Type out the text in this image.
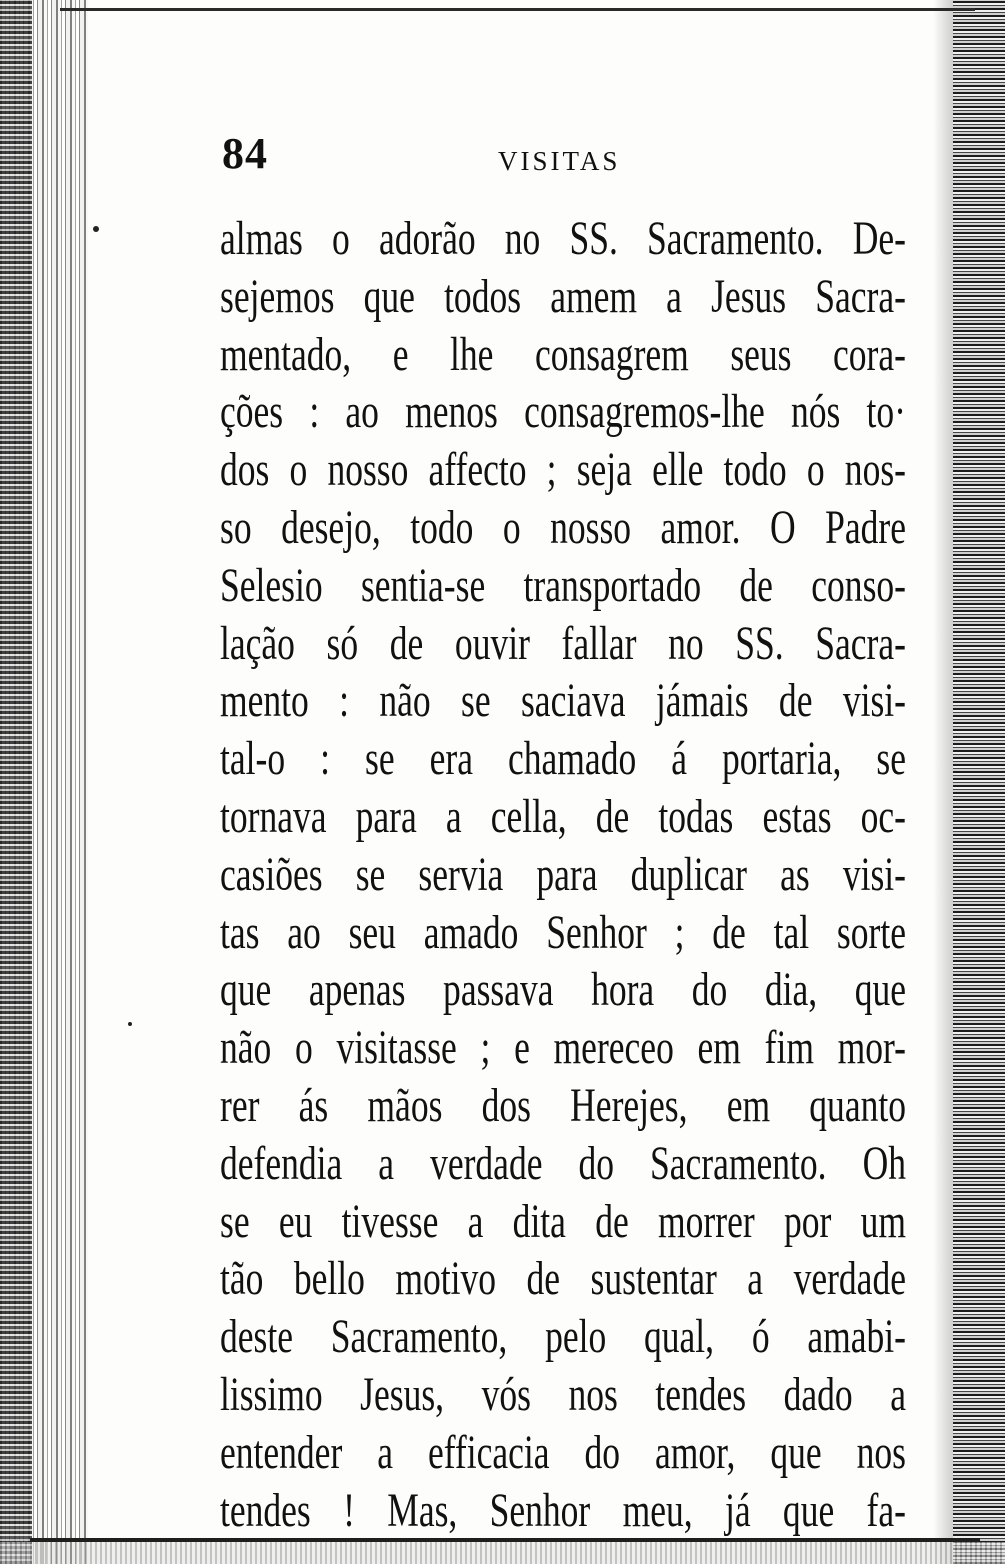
84	VISITAS
almas o adorão no SS. Sacramento. De-
sejemos que todos amem a Jesus Sacra-
mentado, e lhe consagrem seus cora-
ções : ao menos consagremos-lhe nós to·
dos o nosso affecto ; seja elle todo o nos-
so desejo, todo o nosso amor. O Padre
Selesio sentia-se transportado de conso-
lação só de ouvir fallar no SS. Sacra-
mento : não se saciava jámais de visi-
tal-o : se era chamado á portaria, se
tornava para a cella, de todas estas oc-
casiões se servia para duplicar as visi-
tas ao seu amado Senhor ; de tal sorte
que apenas passava hora do dia, que
não o visitasse ; e mereceo em fim mor-
rer ás mãos dos Herejes, em quanto
defendia a verdade do Sacramento. Oh
se eu tivesse a dita de morrer por um
tão bello motivo de sustentar a verdade
deste Sacramento, pelo qual, ó amabi-
lissimo Jesus, vós nos tendes dado a
entender a efficacia do amor, que nos
tendes ! Mas, Senhor meu, já que fa-
